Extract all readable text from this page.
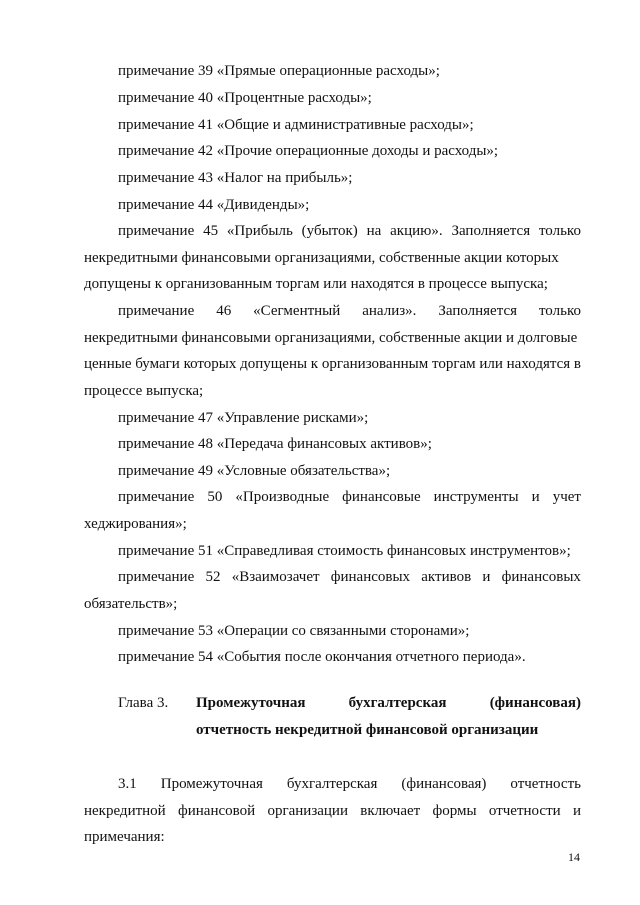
примечание 39 «Прямые операционные расходы»;
примечание 40 «Процентные расходы»;
примечание 41 «Общие и административные расходы»;
примечание 42 «Прочие операционные доходы и расходы»;
примечание 43 «Налог на прибыль»;
примечание 44 «Дивиденды»;
примечание 45 «Прибыль (убыток) на акцию». Заполняется только
некредитными финансовыми организациями, собственные акции которых
допущены к организованным торгам или находятся в процессе выпуска;
примечание 46 «Сегментный анализ». Заполняется только
некредитными финансовыми организациями, собственные акции и долговые
ценные бумаги которых допущены к организованным торгам или находятся в
процессе выпуска;
примечание 47 «Управление рисками»;
примечание 48 «Передача финансовых активов»;
примечание 49 «Условные обязательства»;
примечание 50 «Производные финансовые инструменты и учет
хеджирования»;
примечание 51 «Справедливая стоимость финансовых инструментов»;
примечание 52 «Взаимозачет финансовых активов и финансовых
обязательств»;
примечание 53 «Операции со связанными сторонами»;
примечание 54 «События после окончания отчетного периода».
Глава 3. Промежуточная	бухгалтерская	(финансовая)
отчетность некредитной финансовой организации
3.1 Промежуточная бухгалтерская (финансовая) отчетность
некредитной финансовой организации включает формы отчетности и
примечания:
14
